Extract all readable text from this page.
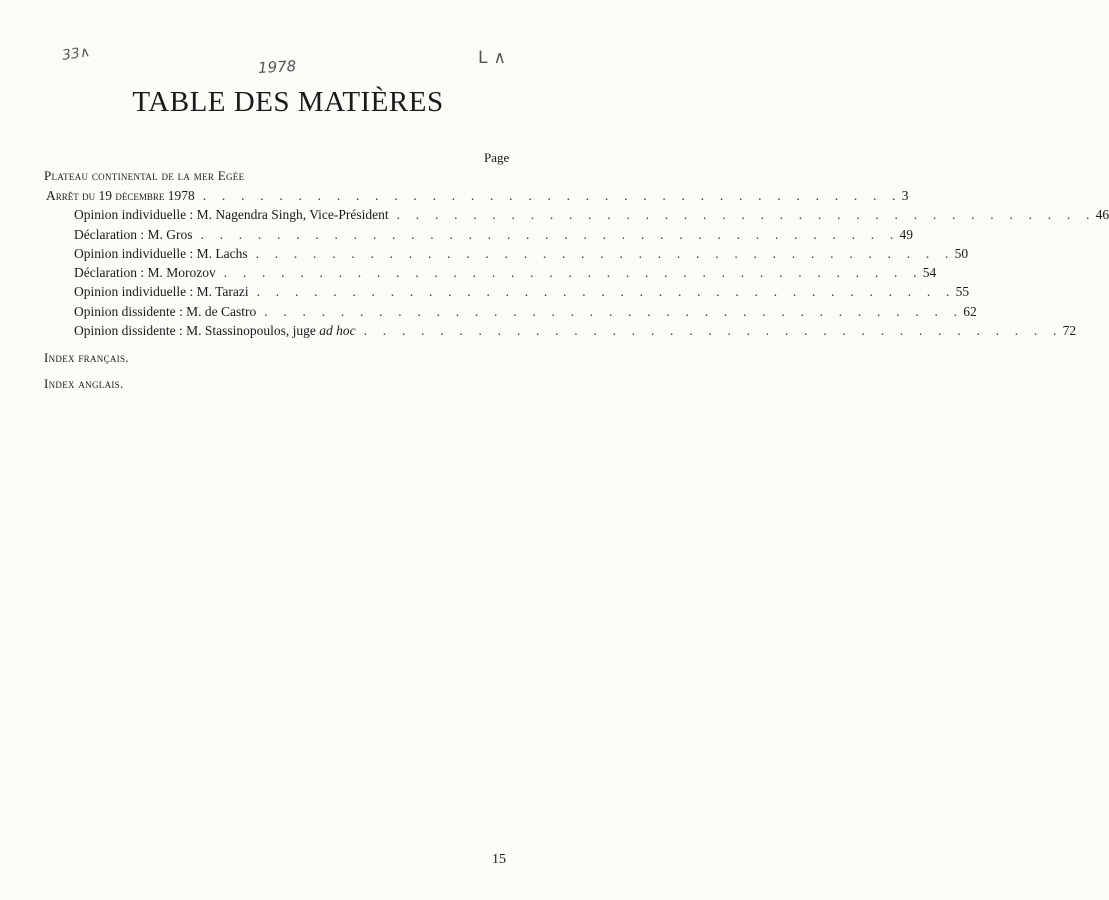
33∧
1978	L∧
TABLE DES MATIÈRES
Page
Plateau continental de la mer Egée
Arrêt du 19 décembre 1978 . . . . . . . . . . . . . . . . . . . . . . . . . . . . . . . . . . . . . 3
Opinion individuelle : M. Nagendra Singh, Vice-Président . . . . . . . . . . . . . . . . . . . . . . . . . . . . . . . . . . . . . 46
Déclaration : M. Gros . . . . . . . . . . . . . . . . . . . . . . . . . . . . . . . . . . . . . 49
Opinion individuelle : M. Lachs . . . . . . . . . . . . . . . . . . . . . . . . . . . . . . . . . . . . . 50
Déclaration : M. Morozov . . . . . . . . . . . . . . . . . . . . . . . . . . . . . . . . . . . . . 54
Opinion individuelle : M. Tarazi . . . . . . . . . . . . . . . . . . . . . . . . . . . . . . . . . . . . . 55
Opinion dissidente : M. de Castro . . . . . . . . . . . . . . . . . . . . . . . . . . . . . . . . . . . . . 62
Opinion dissidente : M. Stassinopoulos, juge ad hoc . . . . . . . . . . . . . . . . . . . . . . . . . . . . . . . . . . . . . 72
Index français.
Index anglais.
15
